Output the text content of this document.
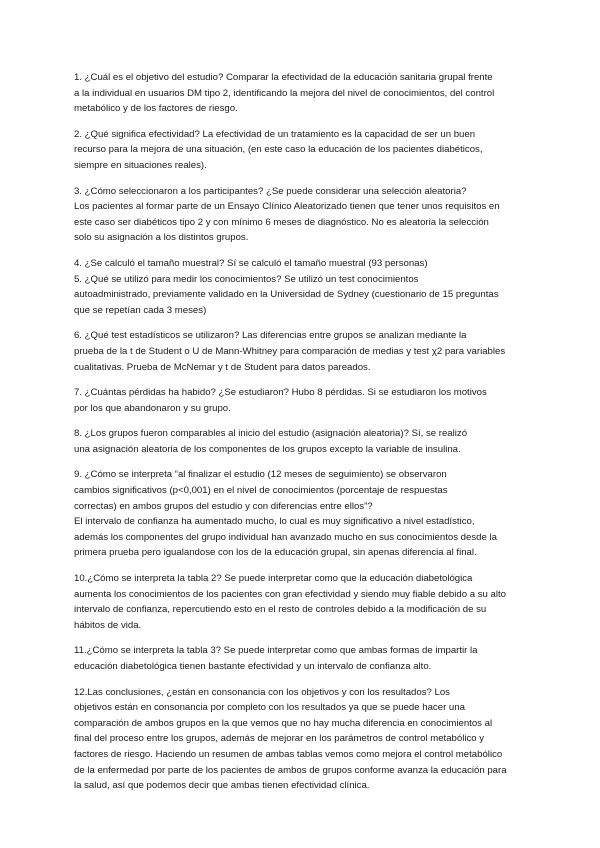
1. ¿Cuál es el objetivo del estudio? Comparar la efectividad de la educación sanitaria grupal frente
a la individual en usuarios DM tipo 2, identificando la mejora del nivel de conocimientos, del control
metabólico y de los factores de riesgo.
2. ¿Qué significa efectividad? La efectividad de un tratamiento es la capacidad de ser un buen
recurso para la mejora de una situación, (en este caso la educación de los pacientes diabéticos,
siempre en situaciones reales).
3. ¿Cómo seleccionaron a los participantes? ¿Se puede considerar una selección aleatoria?
Los pacientes al formar parte de un Ensayo Clínico Aleatorizado tienen que tener unos requisitos en
este caso ser diabéticos tipo 2 y con mínimo 6 meses de diagnóstico. No es aleatoria la selección
solo su asignación a los distintos grupos.
4. ¿Se calculó el tamaño muestral? Sí se calculó el tamaño muestral (93 personas)
5. ¿Qué se utilizó para medir los conocimientos? Se utilizó un test conocimientos
autoadministrado, previamente validado en la Universidad de Sydney (cuestionario de 15 preguntas
que se repetían cada 3 meses)
6. ¿Qué test estadísticos se utilizaron? Las diferencias entre grupos se analizan mediante la
prueba de la t de Student o U de Mann-Whitney para comparación de medias y test χ2 para variables
cualitativas. Prueba de McNemar y t de Student para datos pareados.
7. ¿Cuántas pérdidas ha habido? ¿Se estudiaron? Hubo 8 pérdidas. Si se estudiaron los motivos
por los que abandonaron y su grupo.
8. ¿Los grupos fueron comparables al inicio del estudio (asignación aleatoria)? Sí, se realizó
una asignación aleatoria de los componentes de los grupos excepto la variable de insulina.
9. ¿Cómo se interpreta “al finalizar el estudio (12 meses de seguimiento) se observaron
cambios significativos (p<0,001) en el nivel de conocimientos (porcentaje de respuestas
correctas) en ambos grupos del estudio y con diferencias entre ellos”?
El intervalo de confianza ha aumentado mucho, lo cual es muy significativo a nivel estadístico,
además los componentes del grupo individual han avanzado mucho en sus conocimientos desde la
primera prueba pero igualandose con los de la educación grupal, sin apenas diferencia al final.
10.¿Cómo se interpreta la tabla 2? Se puede interpretar como que la educación diabetológica
aumenta los conocimientos de los pacientes con gran efectividad y siendo muy fiable debido a su alto
intervalo de confianza, repercutiendo esto en el resto de controles debido a la modificación de su
hábitos de vida.
11.¿Cómo se interpreta la tabla 3? Se puede interpretar como que ambas formas de impartir la
educación diabetológica tienen bastante efectividad y un intervalo de confianza alto.
12.Las conclusiones, ¿están en consonancia con los objetivos y con los resultados? Los
objetivos están en consonancia por completo con los resultados ya que se puede hacer una
comparación de ambos grupos en la que vemos que no hay mucha diferencia en conocimientos al
final del proceso entre los grupos, además de mejorar en los parámetros de control metabólico y
factores de riesgo. Haciendo un resumen de ambas tablas vemos como mejora el control metabólico
de la enfermedad por parte de los pacientes de ambos de grupos conforme avanza la educación para
la salud, así que podemos decir que ambas tienen efectividad clínica.
